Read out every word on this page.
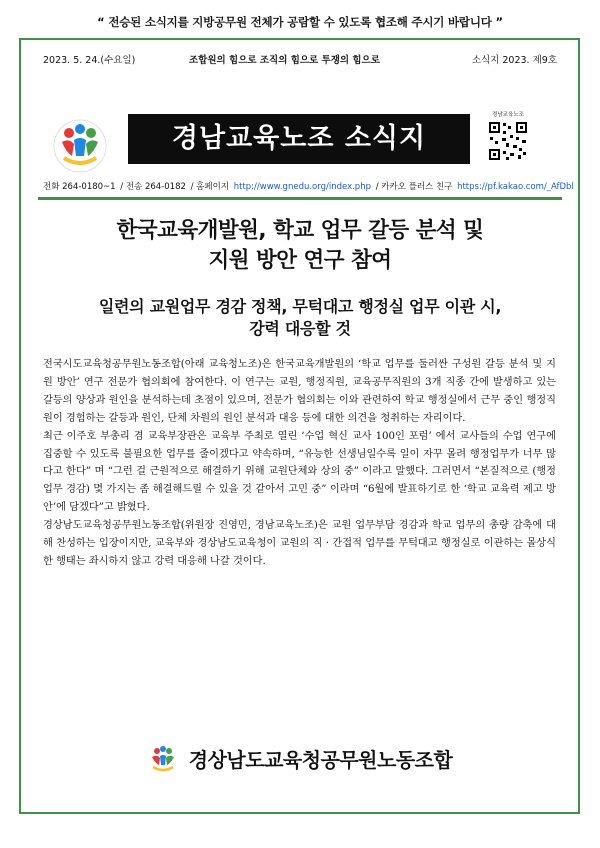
“ 전승된 소식지를 지방공무원 전체가 공람할 수 있도록 협조해 주시기 바랍니다 ”
2023. 5. 24.(수요일)	조합원의 힘으로 조직의 힘으로 투쟁의 힘으로	소식지 2023. 제9호
경남교육노조 소식지
경남교육노조
전화 264-0180~1 / 전송 264-0182 / 홈페이지 http://www.gnedu.org/index.php / 카카오 플러스 친구 https://pf.kakao.com/_AfDbl
한국교육개발원, 학교 업무 갈등 분석 및
지원 방안 연구 참여
일련의 교원업무 경감 정책, 무턱대고 행정실 업무 이관 시,
강력 대응할 것

전국시도교육청공무원노동조합(아래 교육청노조)은 한국교육개발원의 ‘학교 업무를 둘러싼 구성원 갈등 분석 및 지원 방안’ 연구 전문가 협의회에 참여한다. 이 연구는 교원, 행정직원, 교육공무직원의 3개 직종 간에 발생하고 있는 갈등의 양상과 원인을 분석하는데 초점이 있으며, 전문가 협의회는 이와 관련하여 학교 행정실에서 근무 중인 행정직원이 경험하는 갈등과 원인, 단체 차원의 원인 분석과 대응 등에 대한 의견을 청취하는 자리이다.

최근 이주호 부총리 겸 교육부장관은 교육부 주최로 열린 ‘수업 혁신 교사 100인 포럼’ 에서 교사들의 수업 연구에 집중할 수 있도록 불필요한 업무를 줄이겠다고 약속하며, “유능한 선생님일수록 일이 자꾸 몰려 행정업무가 너무 많다고 한다” 며 “그런 걸 근원적으로 해결하기 위해 교원단체와 상의 중” 이라고 말했다. 그러면서 “본질적으로 (행정업무 경감) 몇 가지는 좀 해결해드릴 수 있을 것 같아서 고민 중” 이라며 “6월에 발표하기로 한 ‘학교 교육력 제고 방안’에 담겠다”고 밝혔다.

경상남도교육청공무원노동조합(위원장 진영민, 경남교육노조)은 교원 업무부담 경감과 학교 업무의 총량 감축에 대해 찬성하는 입장이지만, 교육부와 경상남도교육청이 교원의 직 · 간접적 업무를 무턱대고 행정실로 이관하는 몰상식한 행태는 좌시하지 않고 강력 대응해 나갈 것이다.

경상남도교육청공무원노동조합
